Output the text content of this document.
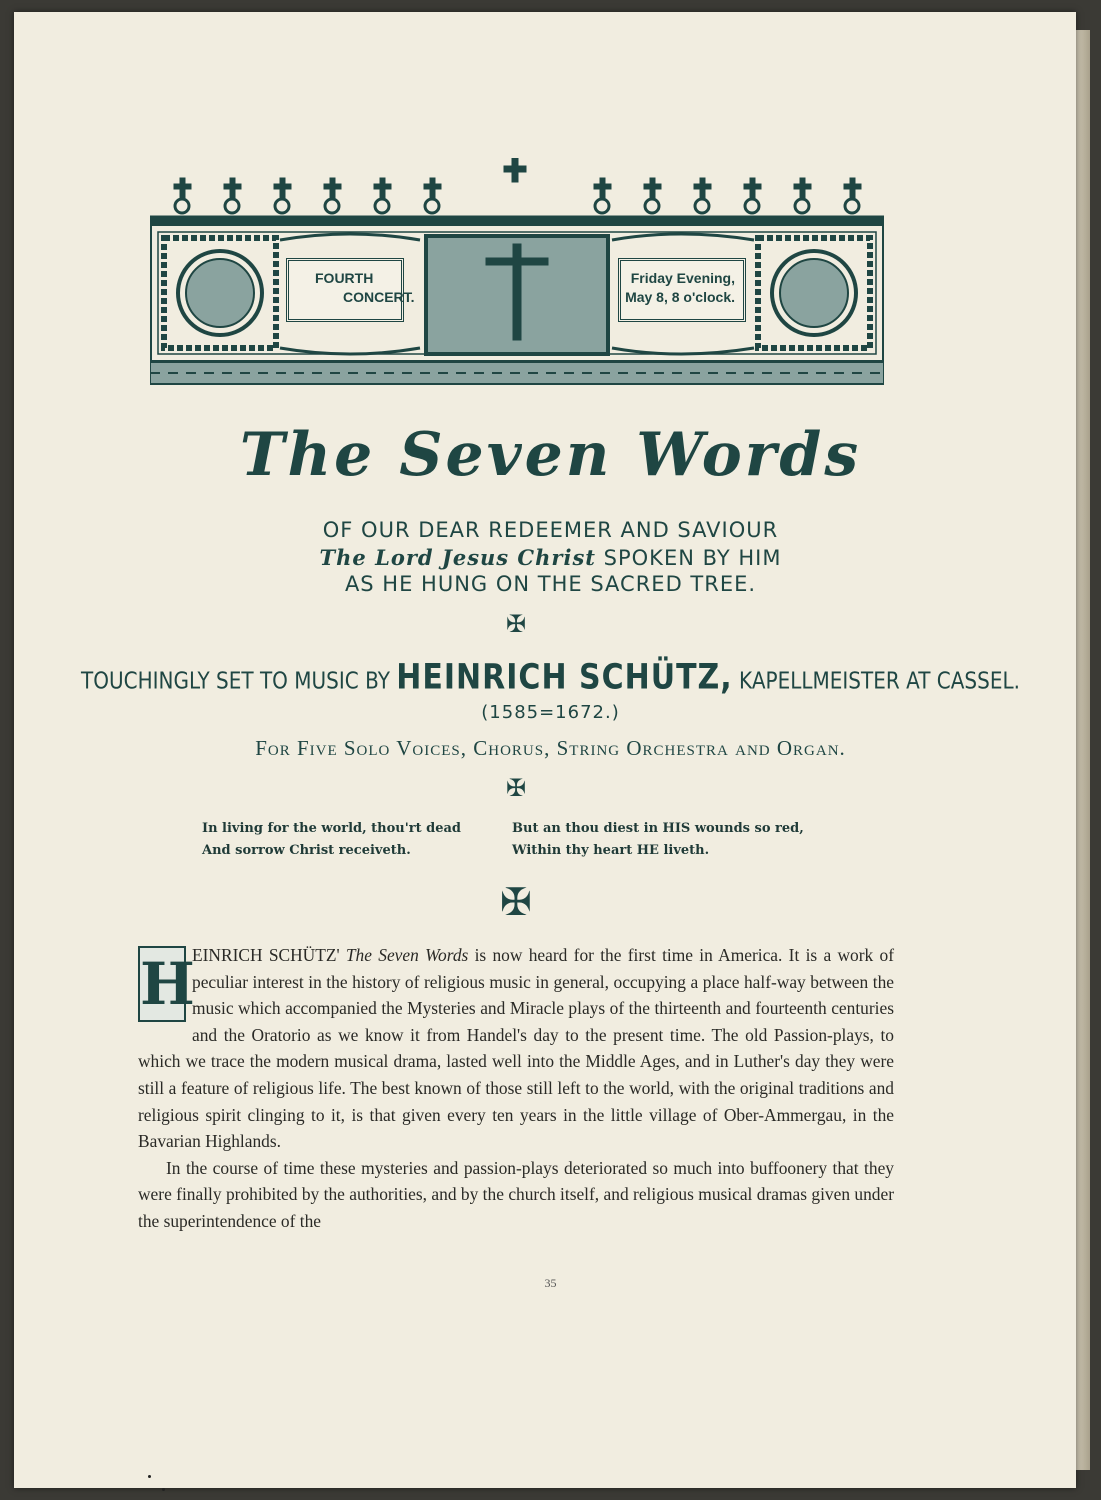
FOURTH
CONCERT.
Friday Evening,
May 8, 8 o'clock.
The Seven Words
OF OUR DEAR REDEEMER AND SAVIOUR
The Lord Jesus Christ SPOKEN BY HIM
AS HE HUNG ON THE SACRED TREE.
✠
TOUCHINGLY SET TO MUSIC BY HEINRICH SCHÜTZ, KAPELLMEISTER AT CASSEL.
(1585=1672.)
For Five Solo Voices, Chorus, String Orchestra and Organ.
✠
In living for the world, thou'rt dead
And sorrow Christ receiveth.
But an thou diest in HIS wounds so red,
Within thy heart HE liveth.
✠

H
EINRICH SCHÜTZ' The Seven Words is now heard for the first time in America. It is a work of peculiar interest in the history of religious music in general, occupying a place half-way between the music which accompanied the Mysteries and Miracle plays of the thirteenth and fourteenth centuries and the Oratorio as we know it from Handel's day to the present time. The old Passion-plays, to which we trace the modern musical drama, lasted well into the Middle Ages, and in Luther's day they were still a feature of religious life. The best known of those still left to the world, with the original traditions and religious spirit clinging to it, is that given every ten years in the little village of Ober-Ammergau, in the Bavarian Highlands.

In the course of time these mysteries and passion-plays deteriorated so much into buffoonery that they were finally prohibited by the authorities, and by the church itself, and religious musical dramas given under the superintendence of the

35
